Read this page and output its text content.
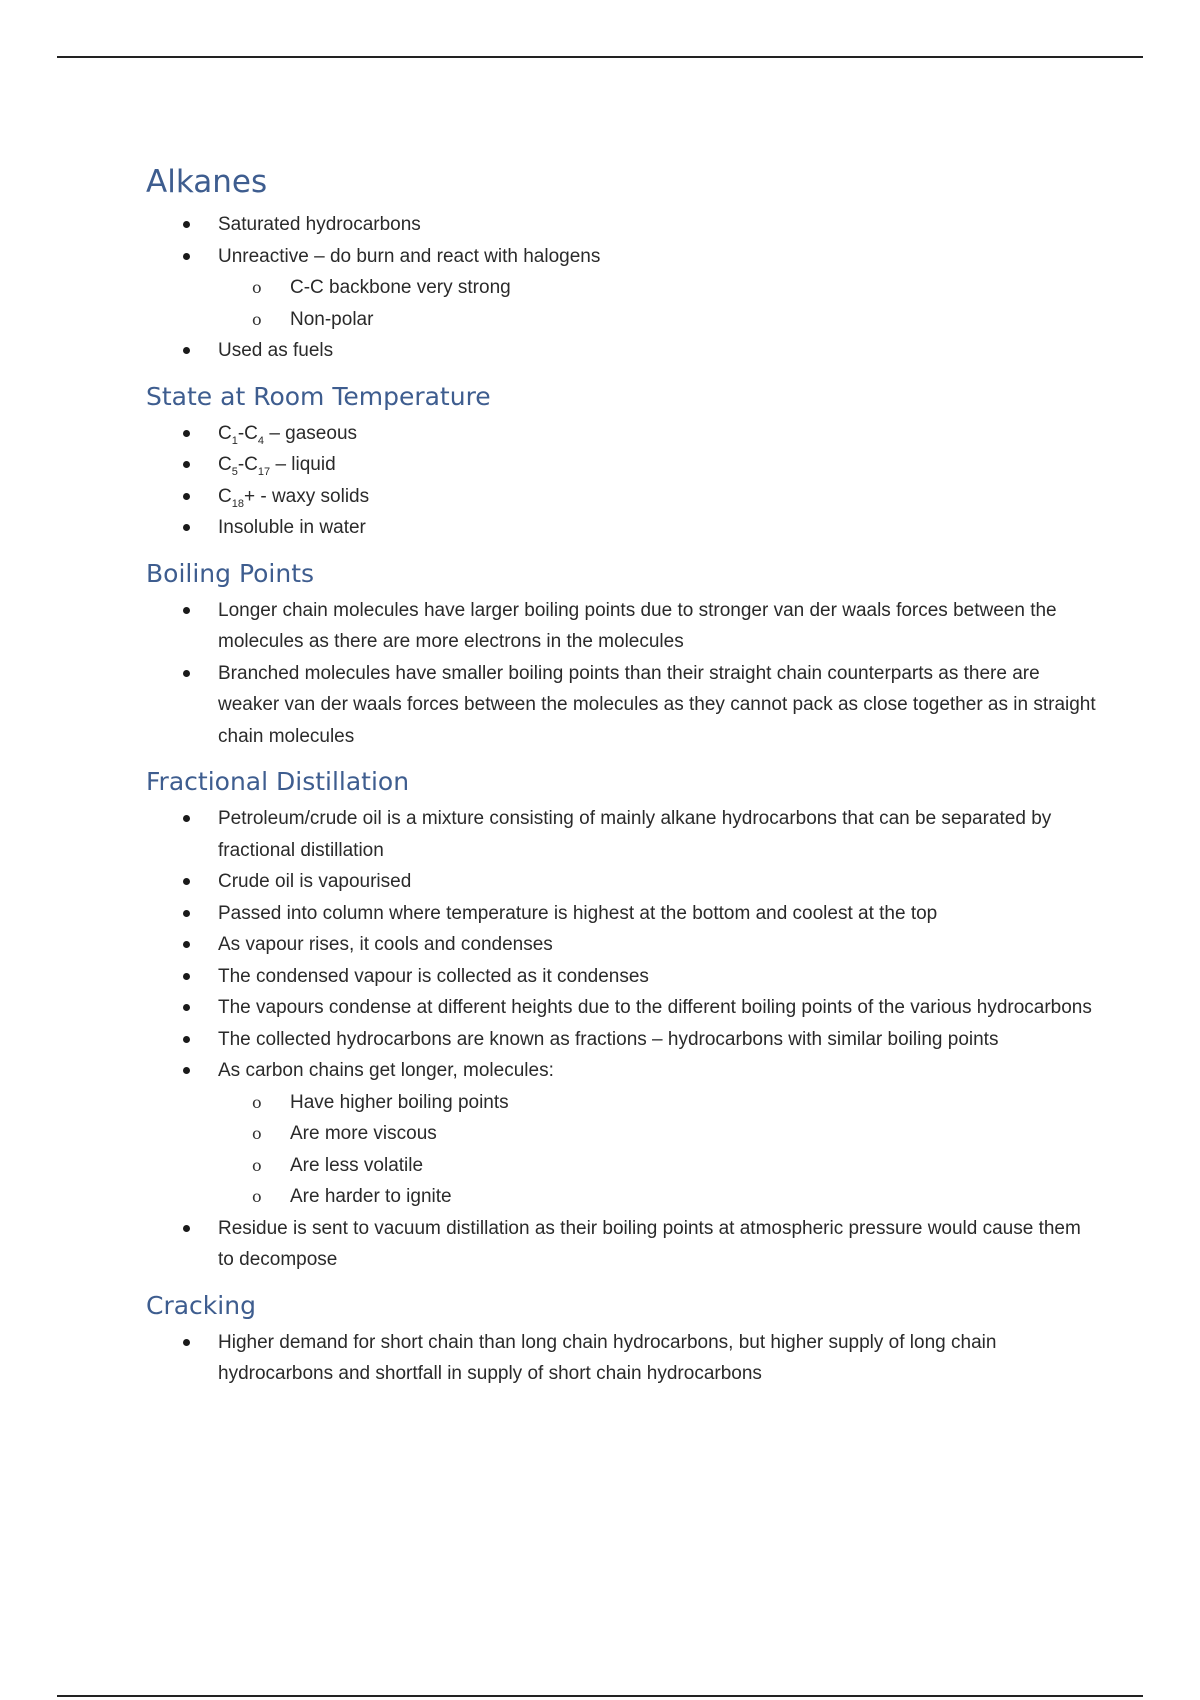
Alkanes
Saturated hydrocarbons
Unreactive – do burn and react with halogens
o C-C backbone very strong
o Non-polar
Used as fuels
State at Room Temperature
$C_1-C_4$ – gaseous
$C_5-C_{17}$ – liquid
$C_{18}+$ - waxy solids
Insoluble in water
Boiling Points
Longer chain molecules have larger boiling points due to stronger van der waals forces between the molecules as there are more electrons in the molecules
Branched molecules have smaller boiling points than their straight chain counterparts as there are weaker van der waals forces between the molecules as they cannot pack as close together as in straight chain molecules
Fractional Distillation
Petroleum/crude oil is a mixture consisting of mainly alkane hydrocarbons that can be separated by fractional distillation
Crude oil is vapourised
Passed into column where temperature is highest at the bottom and coolest at the top
As vapour rises, it cools and condenses
The condensed vapour is collected as it condenses
The vapours condense at different heights due to the different boiling points of the various hydrocarbons
The collected hydrocarbons are known as fractions – hydrocarbons with similar boiling points
As carbon chains get longer, molecules:
o Have higher boiling points
o Are more viscous
o Are less volatile
o Are harder to ignite
Residue is sent to vacuum distillation as their boiling points at atmospheric pressure would cause them to decompose
Cracking
Higher demand for short chain than long chain hydrocarbons, but higher supply of long chain hydrocarbons and shortfall in supply of short chain hydrocarbons
